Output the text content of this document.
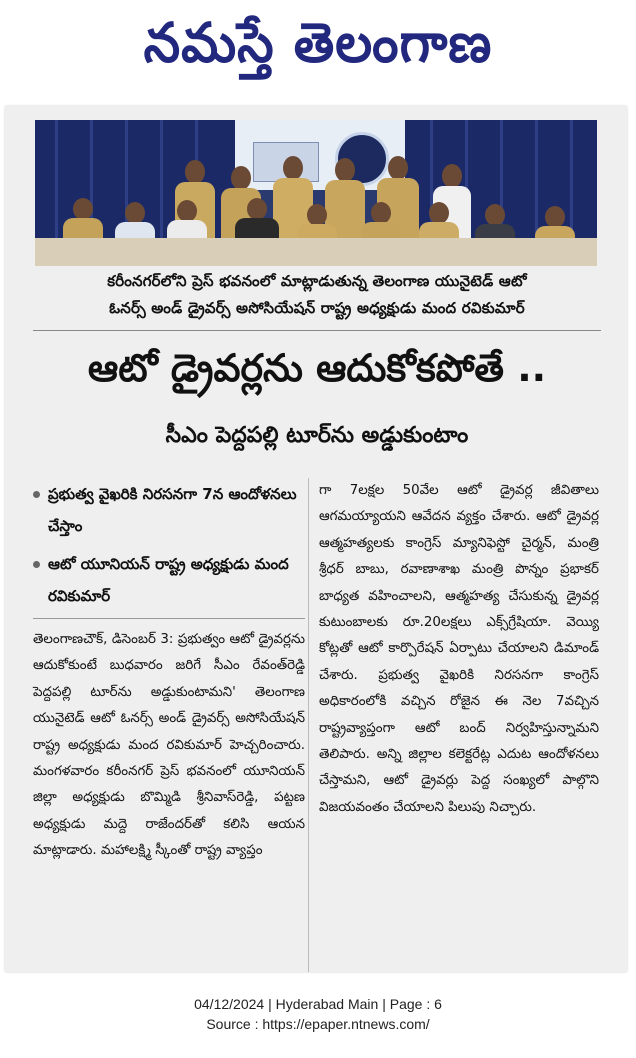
నమస్తే తెలంగాణ

కరీంనగర్‌లోని ప్రెస్ భవనంలో మాట్లాడుతున్న తెలంగాణ యునైటెడ్ ఆటో

ఓనర్స్ అండ్ డ్రైవర్స్ అసోసియేషన్ రాష్ట్ర అధ్యక్షుడు మంద రవికుమార్

ఆటో డ్రైవర్లను ఆదుకోకపోతే ..
సీఎం పెద్దపల్లి టూర్‌ను అడ్డుకుంటాం
ప్రభుత్వ వైఖరికి నిరసనగా 7న ఆందోళనలు చేస్తాం
ఆటో యూనియన్ రాష్ట్ర అధ్యక్షుడు మంద రవికుమార్

తెలంగాణచౌక్, డిసెంబర్ 3: ప్రభుత్వం ఆటో డ్రైవర్లను ఆదుకోకుంటే బుధవారం జరిగే సీఎం రేవంత్‌రెడ్డి పెద్దపల్లి టూర్‌ను అడ్డుకుంటామని' తెలంగాణ యునైటెడ్ ఆటో ఓనర్స్ అండ్ డ్రైవర్స్ అసోసియేషన్ రాష్ట్ర అధ్యక్షుడు మంద రవికుమార్ హెచ్చరించారు. మంగళవారం కరీంనగర్ ప్రెస్ భవనంలో యూనియన్ జిల్లా అధ్యక్షుడు బొమ్మిడి శ్రీనివాస్‌రెడ్డి, పట్టణ అధ్యక్షుడు మద్దె రాజేందర్‌తో కలిసి ఆయన మాట్లాడారు. మహాలక్ష్మి స్కీంతో రాష్ట్ర వ్యాప్తం

గా 7లక్షల 50వేల ఆటో డ్రైవర్ల జీవితాలు ఆగమయ్యాయని ఆవేదన వ్యక్తం చేశారు. ఆటో డ్రైవర్ల ఆత్మహత్యలకు కాంగ్రెస్ మ్యానిఫెస్టో చైర్మన్, మంత్రి శ్రీధర్ బాబు, రవాణాశాఖ మంత్రి పొన్నం ప్రభాకర్ బాధ్యత వహించాలని, ఆత్మహత్య చేసుకున్న డ్రైవర్ల కుటుంబాలకు రూ.20లక్షలు ఎక్స్‌గ్రేషియా. వెయ్యి కోట్లతో ఆటో కార్పొరేషన్ ఏర్పాటు చేయాలని డిమాండ్ చేశారు. ప్రభుత్వ వైఖరికి నిరసనగా కాంగ్రెస్ అధికారంలోకి వచ్చిన రోజైన ఈ నెల 7వచ్చిన రాష్ట్రవ్యాప్తంగా ఆటో బంద్ నిర్వహిస్తున్నామని తెలిపారు. అన్ని జిల్లాల కలెక్టరేట్ల ఎదుట ఆందోళనలు చేస్తామని, ఆటో డ్రైవర్లు పెద్ద సంఖ్యలో పాల్గొని విజయవంతం చేయాలని పిలుపు నిచ్చారు.

04/12/2024 | Hyderabad Main | Page : 6
Source : https://epaper.ntnews.com/
